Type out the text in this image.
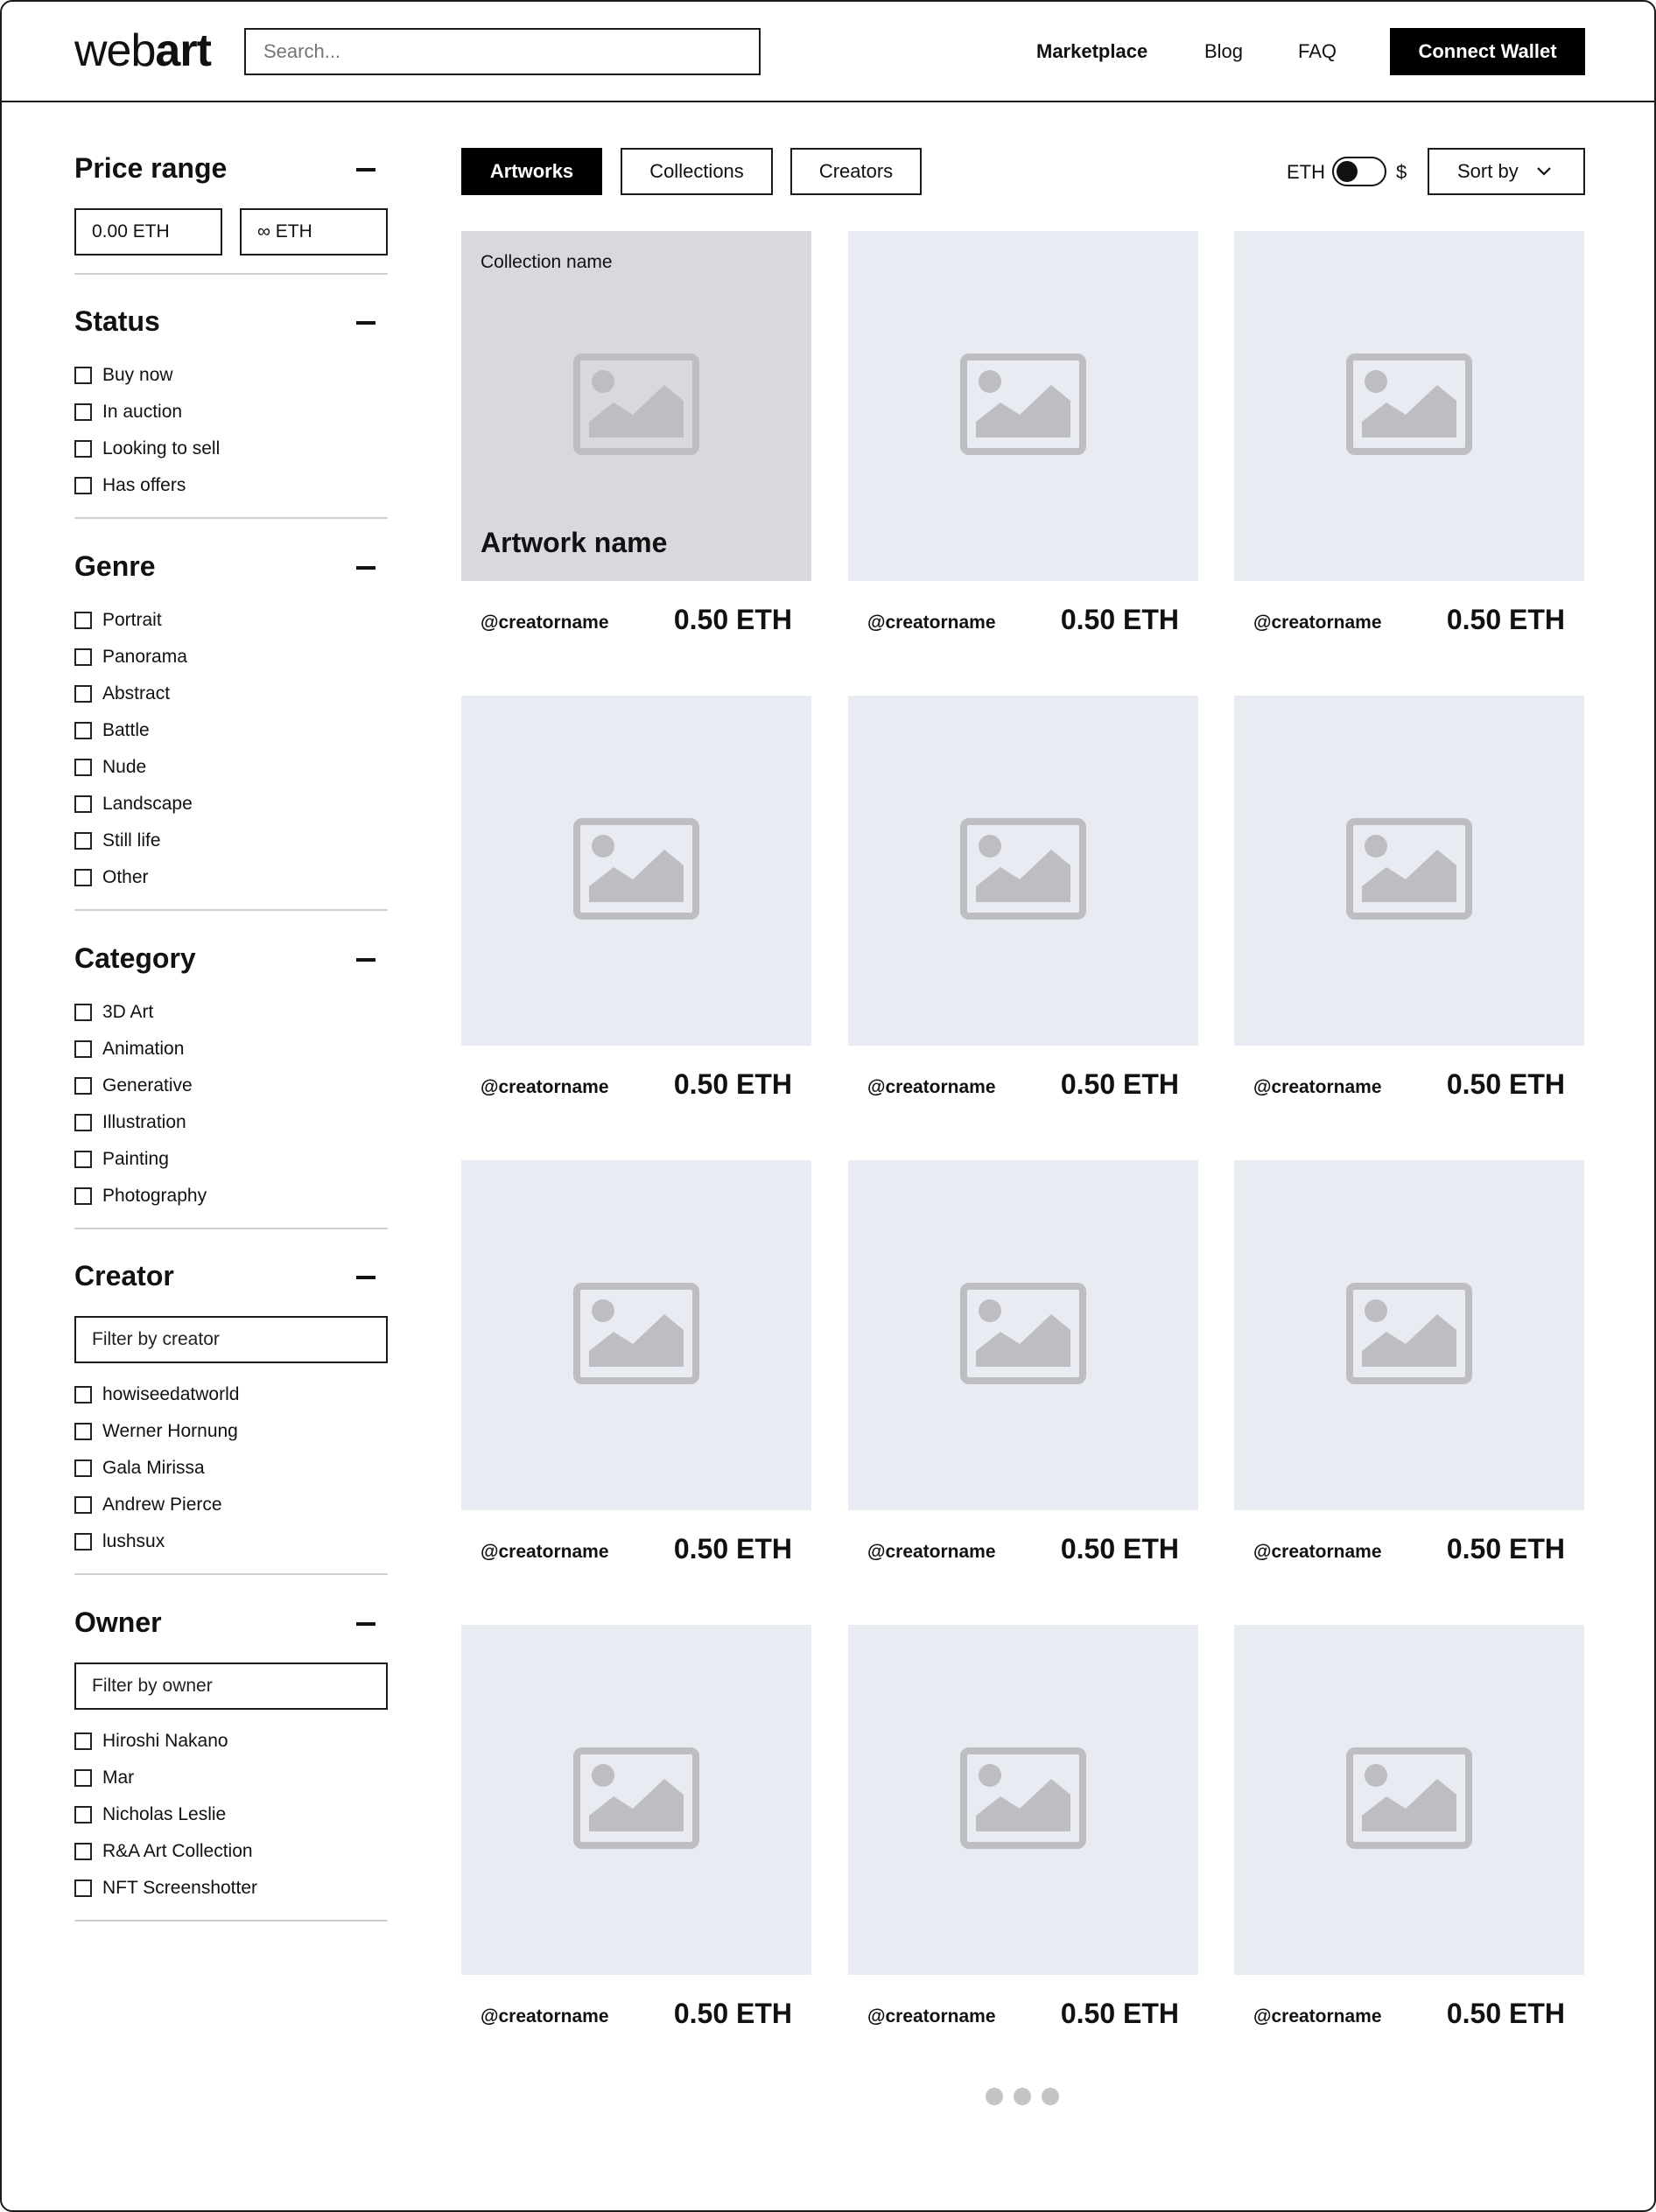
webart
Search...	Marketplace	Blog	FAQ	Connect Wallet
Price range
0.00 ETH	∞ ETH
Status
Buy now
In auction
Looking to sell
Has offers
Genre
Portrait
Panorama
Abstract
Battle
Nude
Landscape
Still life
Other
Category
3D Art
Animation
Generative
Illustration
Painting
Photography
Creator
Filter by creator
howiseedatworld
Werner Hornung
Gala Mirissa
Andrew Pierce
lushsux
Owner
Filter by owner
Hiroshi Nakano
Mar
Nicholas Leslie
R&A Art Collection
NFT Screenshotter
Artworks	Collections	Creators	ETH	$	Sort by
Collection name
Artwork name
@creatorname 0.50 ETH	@creatorname 0.50 ETH	@creatorname 0.50 ETH
@creatorname 0.50 ETH	@creatorname 0.50 ETH	@creatorname 0.50 ETH
@creatorname 0.50 ETH	@creatorname 0.50 ETH	@creatorname 0.50 ETH
@creatorname 0.50 ETH	@creatorname 0.50 ETH	@creatorname 0.50 ETH
